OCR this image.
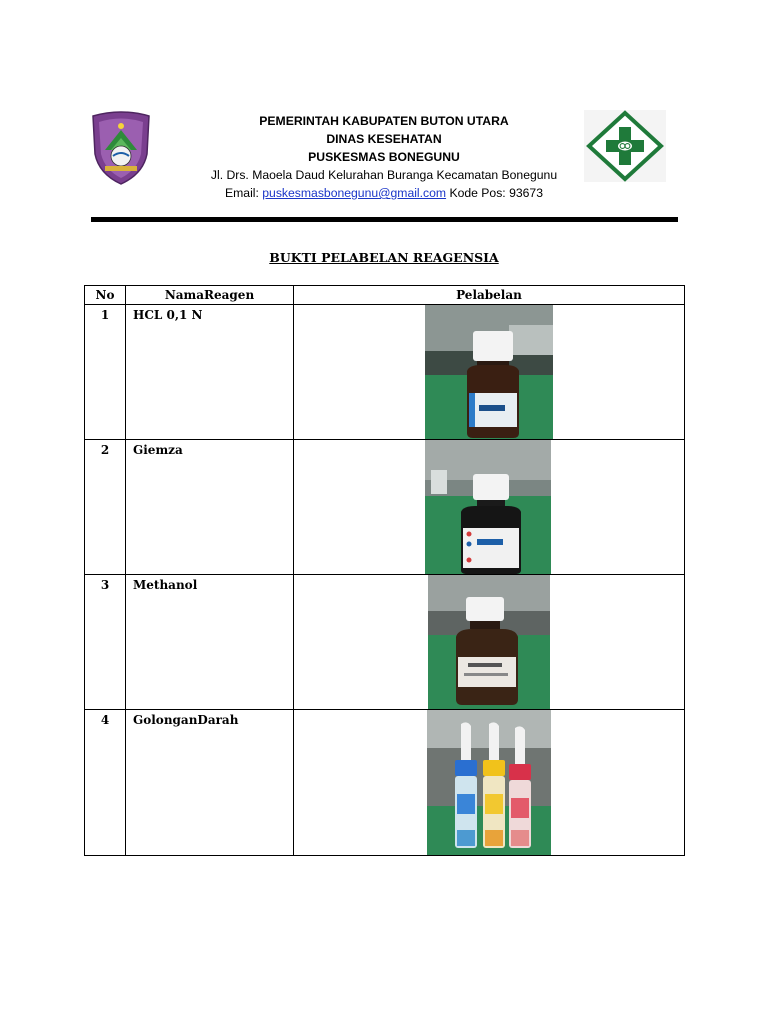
PEMERINTAH KABUPATEN BUTON UTARA
DINAS KESEHATAN
PUSKESMAS BONEGUNU
Jl. Drs. Maoela Daud Kelurahan Buranga Kecamatan Bonegunu
Email: puskesmasbonegunu@gmail.com Kode Pos: 93673
BUKTI PELABELAN REAGENSIA
No	NamaReagen	Pelabelan
1	HCL 0,1 N	

2	Giemza	

3	Methanol	

4	GolonganDarah	
